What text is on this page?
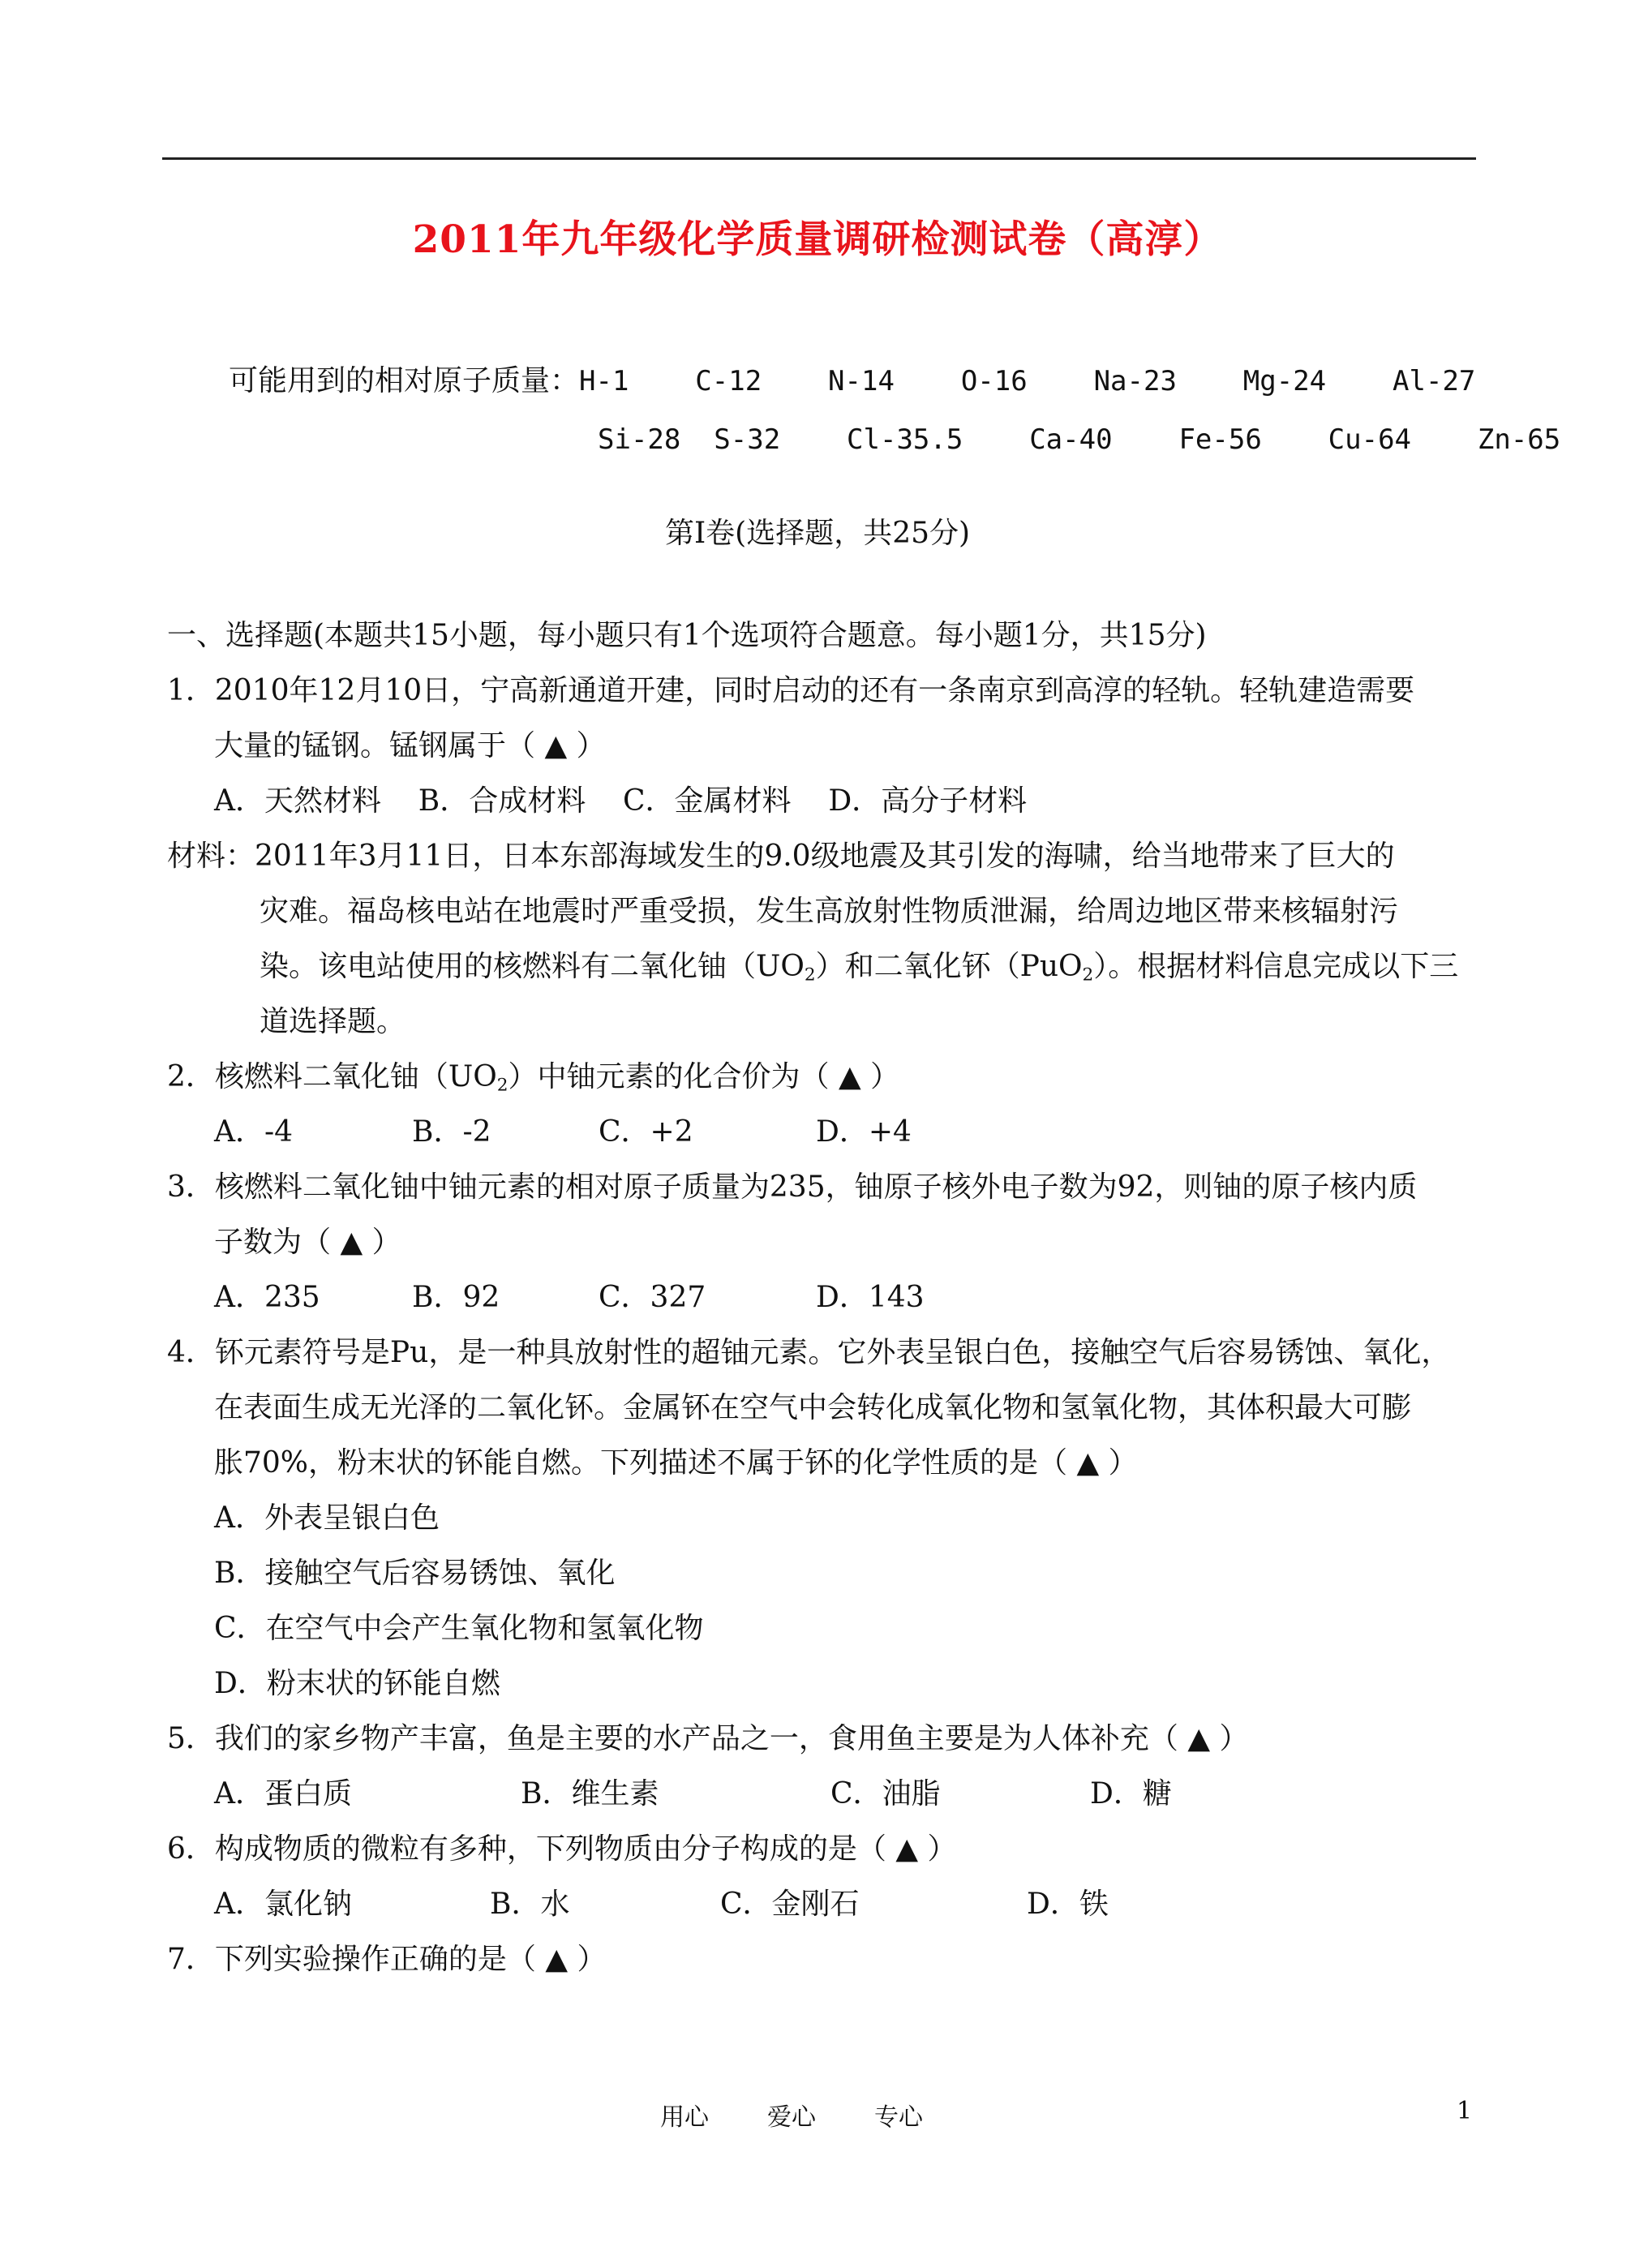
2011年九年级化学质量调研检测试卷（高淳）
可能用到的相对原子质量：H-1    C-12    N-14    O-16    Na-23    Mg-24    Al-27
Si-28  S-32    Cl-35.5    Ca-40    Fe-56    Cu-64    Zn-65
第Ⅰ卷(选择题，共25分)
一、选择题(本题共15小题，每小题只有1个选项符合题意。每小题1分，共15分)
1．2010年12月10日，宁高新通道开建，同时启动的还有一条南京到高淳的轻轨。轻轨建造需要
大量的锰钢。锰钢属于（ ▲ ）
A．天然材料    B．合成材料    C．金属材料    D．高分子材料
材料：2011年3月11日，日本东部海域发生的9.0级地震及其引发的海啸，给当地带来了巨大的
灾难。福岛核电站在地震时严重受损，发生高放射性物质泄漏，给周边地区带来核辐射污
染。该电站使用的核燃料有二氧化铀$(UO_2)$和二氧化钚（PuO$_2$）。根据材料信息完成以下三
道选择题。
2．核燃料二氧化铀$(UO_2)$中铀元素的化合价为（ ▲ ）
A．-4	B．-2	C．+2	D．+4
3．核燃料二氧化铀中铀元素的相对原子质量为235，铀原子核外电子数为92，则铀的原子核内质
子数为（ ▲ ）
A．235	B．92	C．327	D．143
4．钚元素符号是Pu，是一种具放射性的超铀元素。它外表呈银白色，接触空气后容易锈蚀、氧化，
在表面生成无光泽的二氧化钚。金属钚在空气中会转化成氧化物和氢氧化物，其体积最大可膨
胀70%，粉末状的钚能自燃。下列描述不属于钚的化学性质的是（ ▲ ）
A．外表呈银白色
B．接触空气后容易锈蚀、氧化
C．在空气中会产生氧化物和氢氧化物
D．粉末状的钚能自燃
5．我们的家乡物产丰富，鱼是主要的水产品之一，食用鱼主要是为人体补充（ ▲ ）
A．蛋白质	B．维生素	C．油脂	D．糖
6．构成物质的微粒有多种，下列物质由分子构成的是（ ▲ ）
A．氯化钠	B．水	C．金刚石	D．铁
7．下列实验操作正确的是（ ▲ ）
用心 爱心 专心	1
